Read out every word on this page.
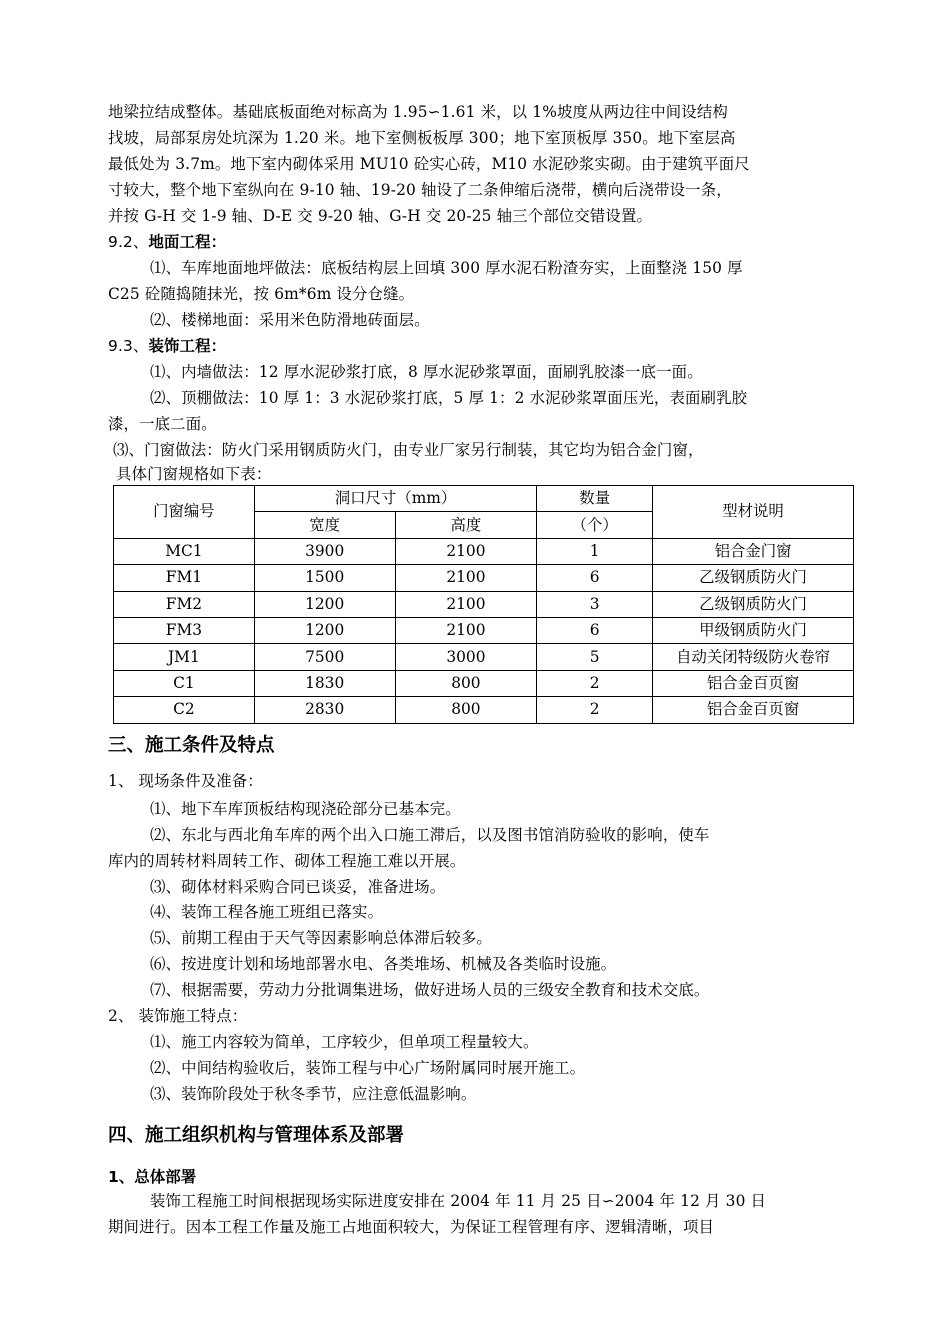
地梁拉结成整体。基础底板面绝对标高为 1.95∽1.61 米，以 1%坡度从两边往中间设结构
找坡，局部泵房处坑深为 1.20 米。地下室侧板板厚 300；地下室顶板厚 350。地下室层高
最低处为 3.7m。地下室内砌体采用 MU10 砼实心砖，M10 水泥砂浆实砌。由于建筑平面尺
寸较大，整个地下室纵向在 9-10 轴、19-20 轴设了二条伸缩后浇带，横向后浇带设一条，
并按 G-H 交 1-9 轴、D-E 交 9-20 轴、G-H 交 20-25 轴三个部位交错设置。
9.2、地面工程：
⑴、车库地面地坪做法：底板结构层上回填 300 厚水泥石粉渣夯实，上面整浇 150 厚
C25 砼随捣随抹光，按 6m*6m 设分仓缝。
⑵、楼梯地面：采用米色防滑地砖面层。
9.3、装饰工程：
⑴、内墙做法：12 厚水泥砂浆打底，8 厚水泥砂浆罩面，面刷乳胶漆一底一面。
⑵、顶棚做法：10 厚 1：3 水泥砂浆打底，5 厚 1：2 水泥砂浆罩面压光，表面刷乳胶
漆，一底二面。
⑶、门窗做法：防火门采用钢质防火门，由专业厂家另行制装，其它均为铝合金门窗，
具体门窗规格如下表：
门窗编号	洞口尺寸（mm）		数量	型材说明
	宽度	高度	（个）	
MC1	3900	2100	1	铝合金门窗
FM1	1500	2100	6	乙级钢质防火门
FM2	1200	2100	3	乙级钢质防火门
FM3	1200	2100	6	甲级钢质防火门
JM1	7500	3000	5	自动关闭特级防火卷帘
C1	1830	800	2	铝合金百页窗
C2	2830	800	2	铝合金百页窗
三、施工条件及特点
1、 现场条件及准备：
⑴、地下车库顶板结构现浇砼部分已基本完。
⑵、东北与西北角车库的两个出入口施工滞后，以及图书馆消防验收的影响，使车
库内的周转材料周转工作、砌体工程施工难以开展。
⑶、砌体材料采购合同已谈妥，准备进场。
⑷、装饰工程各施工班组已落实。
⑸、前期工程由于天气等因素影响总体滞后较多。
⑹、按进度计划和场地部署水电、各类堆场、机械及各类临时设施。
⑺、根据需要，劳动力分批调集进场，做好进场人员的三级安全教育和技术交底。
2、 装饰施工特点：
⑴、施工内容较为简单，工序较少，但单项工程量较大。
⑵、中间结构验收后，装饰工程与中心广场附属同时展开施工。
⑶、装饰阶段处于秋冬季节，应注意低温影响。
四、施工组织机构与管理体系及部署
1、总体部署
装饰工程施工时间根据现场实际进度安排在 2004 年 11 月 25 日∽2004 年 12 月 30 日
期间进行。因本工程工作量及施工占地面积较大，为保证工程管理有序、逻辑清晰，项目
